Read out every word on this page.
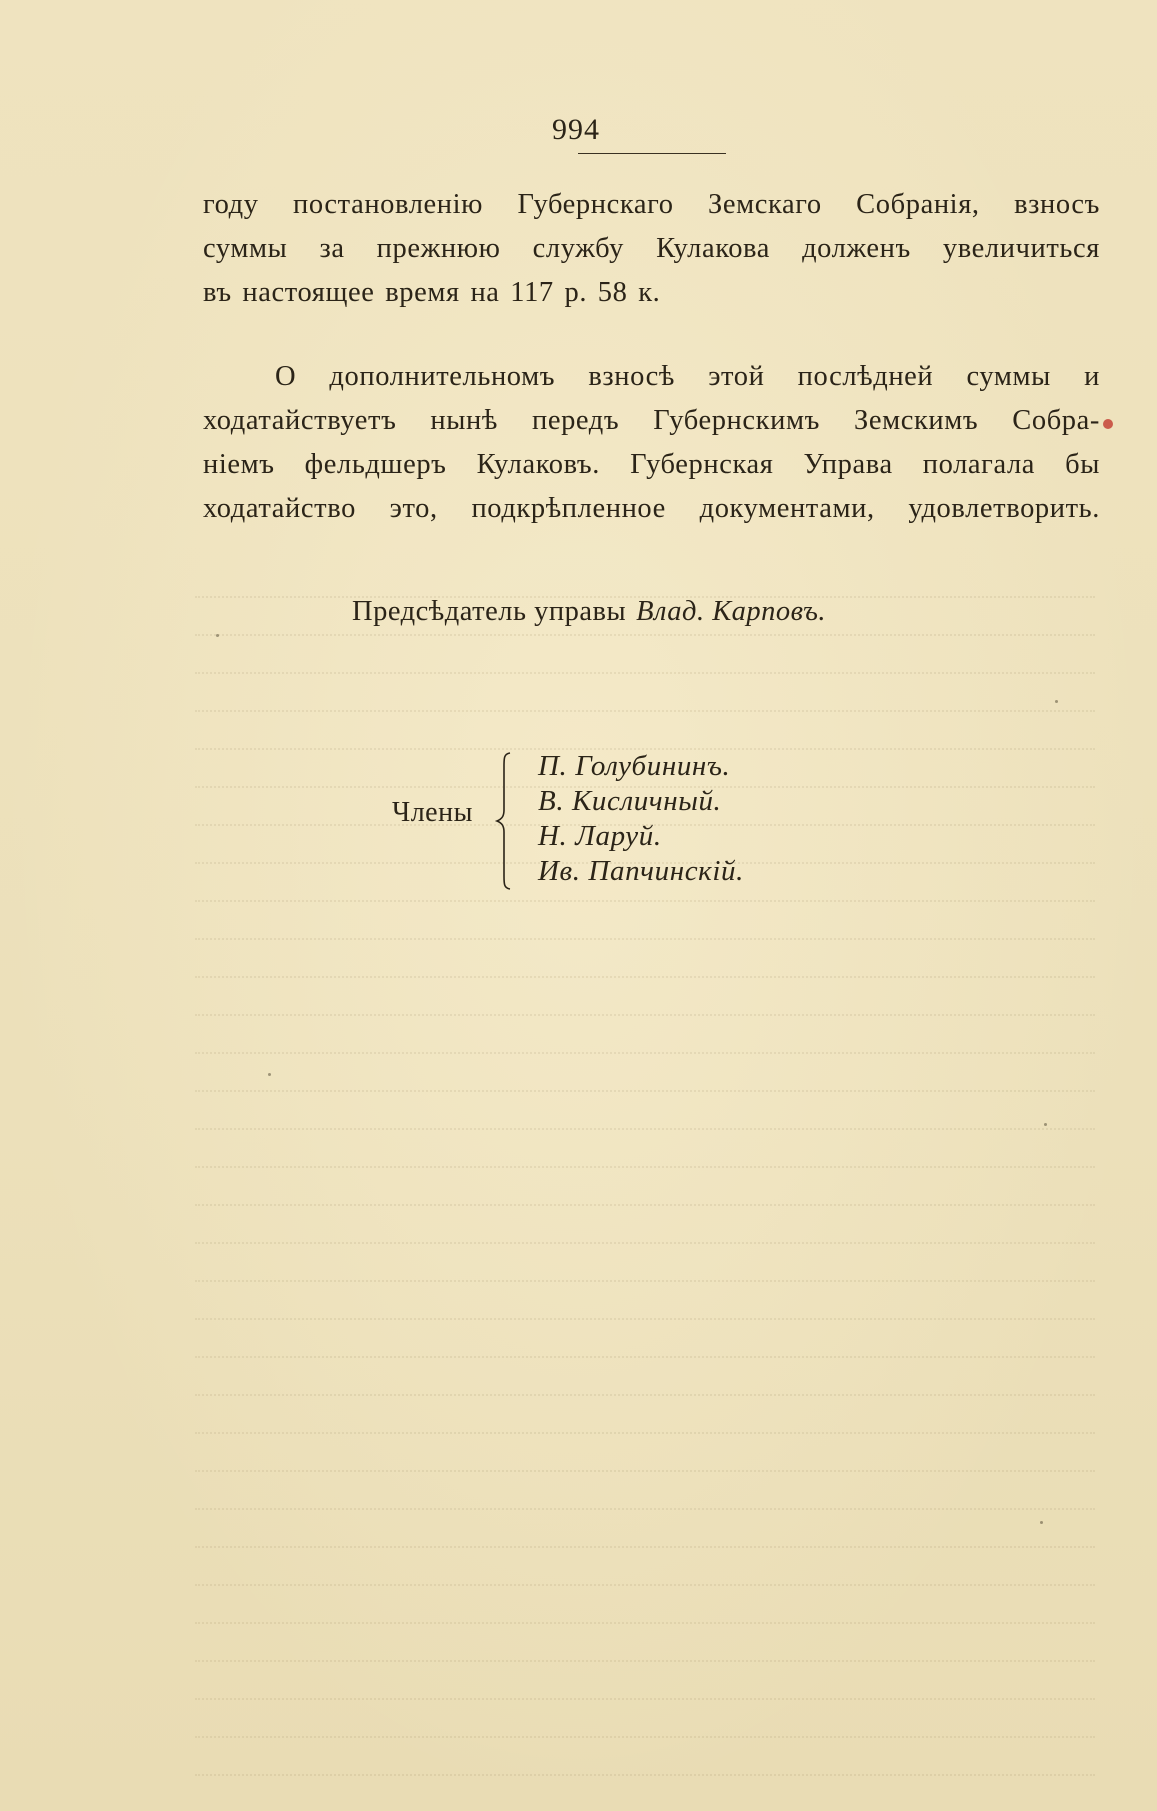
994
году постановленію Губернскаго Земскаго Собранія, взносъ
суммы за прежнюю службу Кулакова долженъ увеличиться
въ настоящее время на 117 р. 58 к.
О дополнительномъ взносѣ этой послѣдней суммы и
ходатайствуетъ нынѣ передъ Губернскимъ Земскимъ Собра-
ніемъ фельдшеръ Кулаковъ. Губернская Управа полагала бы
ходатайство это, подкрѣпленное документами, удовлетворить.
Предсѣдатель управы Влад. Карповъ.
Члены
П. Голубининъ.
В. Кисличный.
Н. Ларуй.
Ив. Папчинскій.
